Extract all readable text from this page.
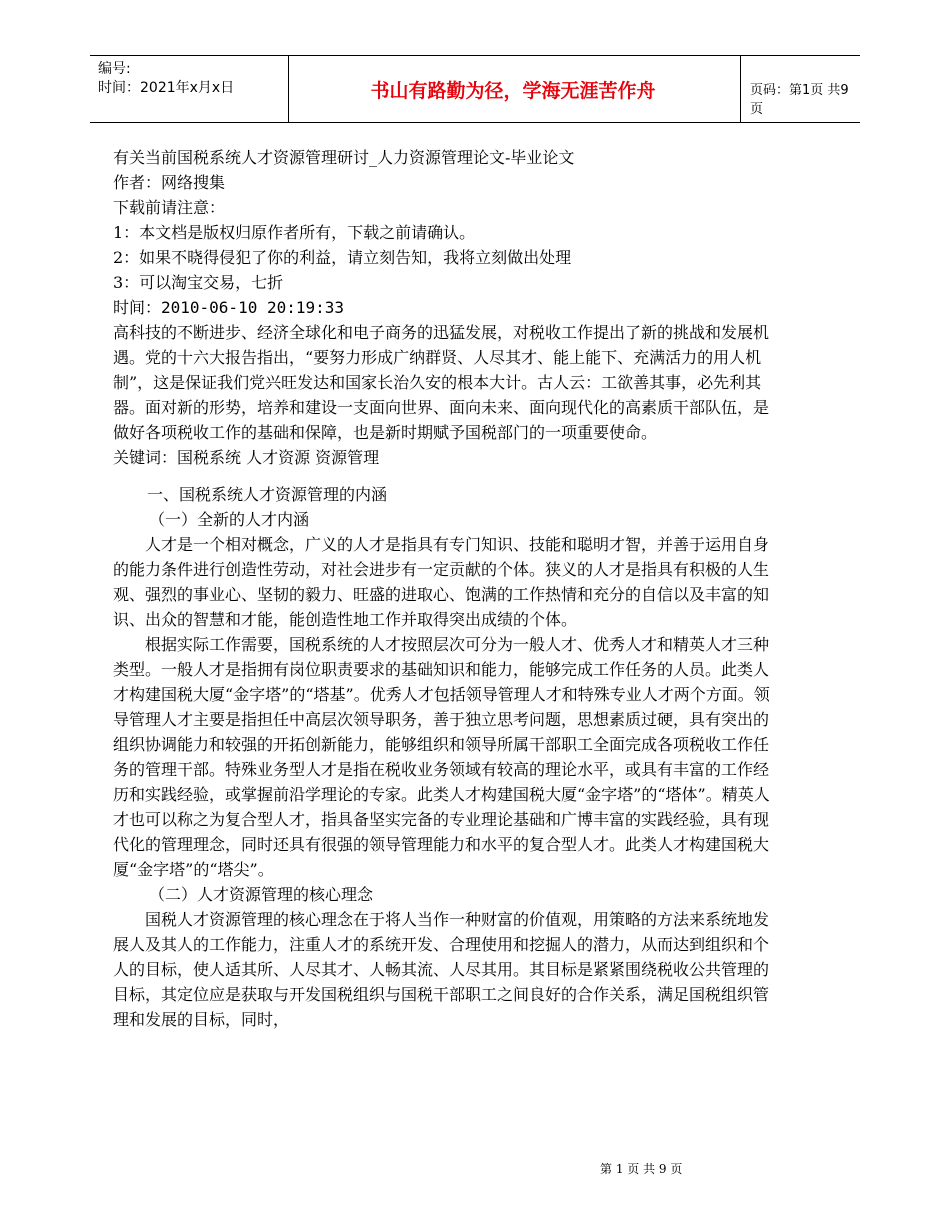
编号:
时间：2021年x月x日	书山有路勤为径，学海无涯苦作舟	页码：第1页 共9页

有关当前国税系统人才资源管理研讨_人力资源管理论文-毕业论文

作者：网络搜集

下载前请注意：

1：本文档是版权归原作者所有，下载之前请确认。

2：如果不晓得侵犯了你的利益，请立刻告知，我将立刻做出处理

3：可以淘宝交易，七折

时间：2010-06-10 20:19:33

高科技的不断进步、经济全球化和电子商务的迅猛发展，对税收工作提出了新的挑战和发展机遇。党的十六大报告指出，“要努力形成广纳群贤、人尽其才、能上能下、充满活力的用人机制”，这是保证我们党兴旺发达和国家长治久安的根本大计。古人云：工欲善其事，必先利其器。面对新的形势，培养和建设一支面向世界、面向未来、面向现代化的高素质干部队伍，是做好各项税收工作的基础和保障，也是新时期赋予国税部门的一项重要使命。

关键词：国税系统 人才资源 资源管理

一、国税系统人才资源管理的内涵

（一）全新的人才内涵

人才是一个相对概念，广义的人才是指具有专门知识、技能和聪明才智，并善于运用自身的能力条件进行创造性劳动，对社会进步有一定贡献的个体。狭义的人才是指具有积极的人生观、强烈的事业心、坚韧的毅力、旺盛的进取心、饱满的工作热情和充分的自信以及丰富的知识、出众的智慧和才能，能创造性地工作并取得突出成绩的个体。

根据实际工作需要，国税系统的人才按照层次可分为一般人才、优秀人才和精英人才三种类型。一般人才是指拥有岗位职责要求的基础知识和能力，能够完成工作任务的人员。此类人才构建国税大厦“金字塔”的“塔基”。优秀人才包括领导管理人才和特殊专业人才两个方面。领导管理人才主要是指担任中高层次领导职务，善于独立思考问题，思想素质过硬，具有突出的组织协调能力和较强的开拓创新能力，能够组织和领导所属干部职工全面完成各项税收工作任务的管理干部。特殊业务型人才是指在税收业务领域有较高的理论水平，或具有丰富的工作经历和实践经验，或掌握前沿学理论的专家。此类人才构建国税大厦“金字塔”的“塔体”。精英人才也可以称之为复合型人才，指具备坚实完备的专业理论基础和广博丰富的实践经验，具有现代化的管理理念，同时还具有很强的领导管理能力和水平的复合型人才。此类人才构建国税大厦“金字塔”的“塔尖”。

（二）人才资源管理的核心理念

国税人才资源管理的核心理念在于将人当作一种财富的价值观，用策略的方法来系统地发展人及其人的工作能力，注重人才的系统开发、合理使用和挖掘人的潜力，从而达到组织和个人的目标，使人适其所、人尽其才、人畅其流、人尽其用。其目标是紧紧围绕税收公共管理的目标，其定位应是获取与开发国税组织与国税干部职工之间良好的合作关系，满足国税组织管理和发展的目标，同时，

第 1 页 共 9 页
